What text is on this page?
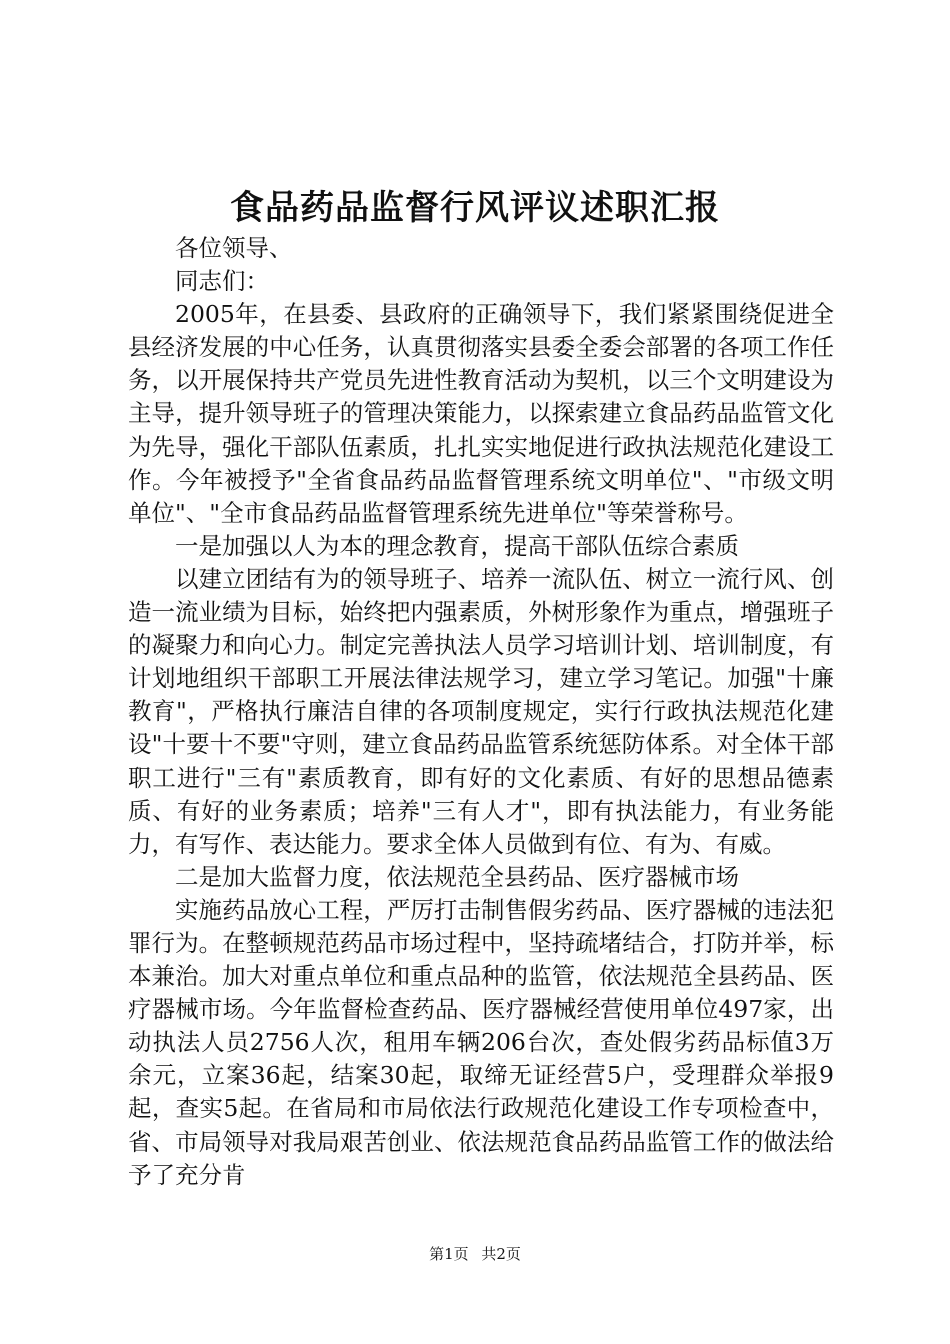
食品药品监督行风评议述职汇报

各位领导、

同志们：

2005年，在县委、县政府的正确领导下，我们紧紧围绕促进全县经济发展的中心任务，认真贯彻落实县委全委会部署的各项工作任务，以开展保持共产党员先进性教育活动为契机，以三个文明建设为主导，提升领导班子的管理决策能力，以探索建立食品药品监管文化为先导，强化干部队伍素质，扎扎实实地促进行政执法规范化建设工作。今年被授予"全省食品药品监督管理系统文明单位"、"市级文明单位"、"全市食品药品监督管理系统先进单位"等荣誉称号。

一是加强以人为本的理念教育，提高干部队伍综合素质

以建立团结有为的领导班子、培养一流队伍、树立一流行风、创造一流业绩为目标，始终把内强素质，外树形象作为重点，增强班子的凝聚力和向心力。制定完善执法人员学习培训计划、培训制度，有计划地组织干部职工开展法律法规学习，建立学习笔记。加强"十廉教育"，严格执行廉洁自律的各项制度规定，实行行政执法规范化建设"十要十不要"守则，建立食品药品监管系统惩防体系。对全体干部职工进行"三有"素质教育，即有好的文化素质、有好的思想品德素质、有好的业务素质；培养"三有人才"，即有执法能力，有业务能力，有写作、表达能力。要求全体人员做到有位、有为、有威。

二是加大监督力度，依法规范全县药品、医疗器械市场

实施药品放心工程，严厉打击制售假劣药品、医疗器械的违法犯罪行为。在整顿规范药品市场过程中，坚持疏堵结合，打防并举，标本兼治。加大对重点单位和重点品种的监管，依法规范全县药品、医疗器械市场。今年监督检查药品、医疗器械经营使用单位497家，出动执法人员2756人次，租用车辆206台次，查处假劣药品标值3万余元，立案36起，结案30起，取缔无证经营5户，受理群众举报9起，查实5起。在省局和市局依法行政规范化建设工作专项检查中，省、市局领导对我局艰苦创业、依法规范食品药品监管工作的做法给予了充分肯

第1页 共2页
